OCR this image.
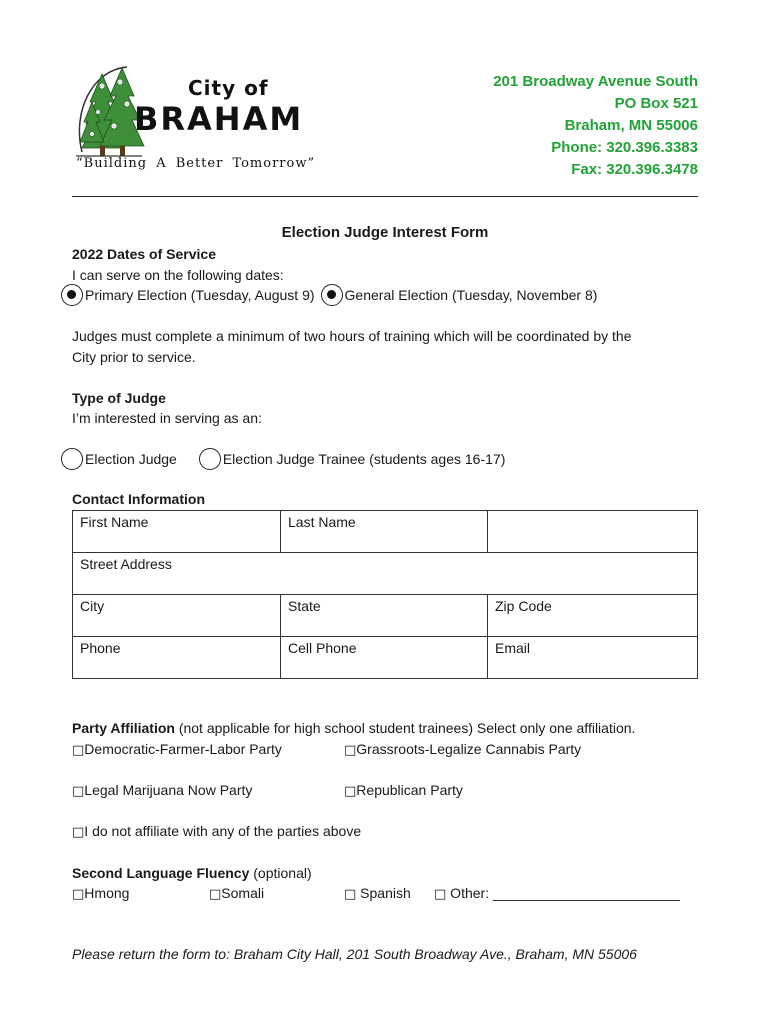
City of
BRAHAM
“Building A Better Tomorrow”
201 Broadway Avenue South
PO Box 521
Braham, MN 55006
Phone: 320.396.3383
Fax: 320.396.3478
Election Judge Interest Form
2022 Dates of Service
I can serve on the following dates:
Primary Election (Tuesday, August 9) General Election (Tuesday, November 8)
Judges must complete a minimum of two hours of training which will be coordinated by the
City prior to service.
Type of Judge
I’m interested in serving as an:
Election Judge	Election Judge Trainee (students ages 16-17)
Contact Information
First Name	Last Name	
Street Address		
City	State	Zip Code
Phone	Cell Phone	Email
Party Affiliation (not applicable for high school student trainees) Select only one affiliation.
□Democratic-Farmer-Labor Party	□Grassroots-Legalize Cannabis Party
□Legal Marijuana Now Party	□Republican Party
□I do not affiliate with any of the parties above
Second Language Fluency (optional)
□Hmong	□Somali	□ Spanish □ Other: ________________________
Please return the form to: Braham City Hall, 201 South Broadway Ave., Braham, MN 55006
